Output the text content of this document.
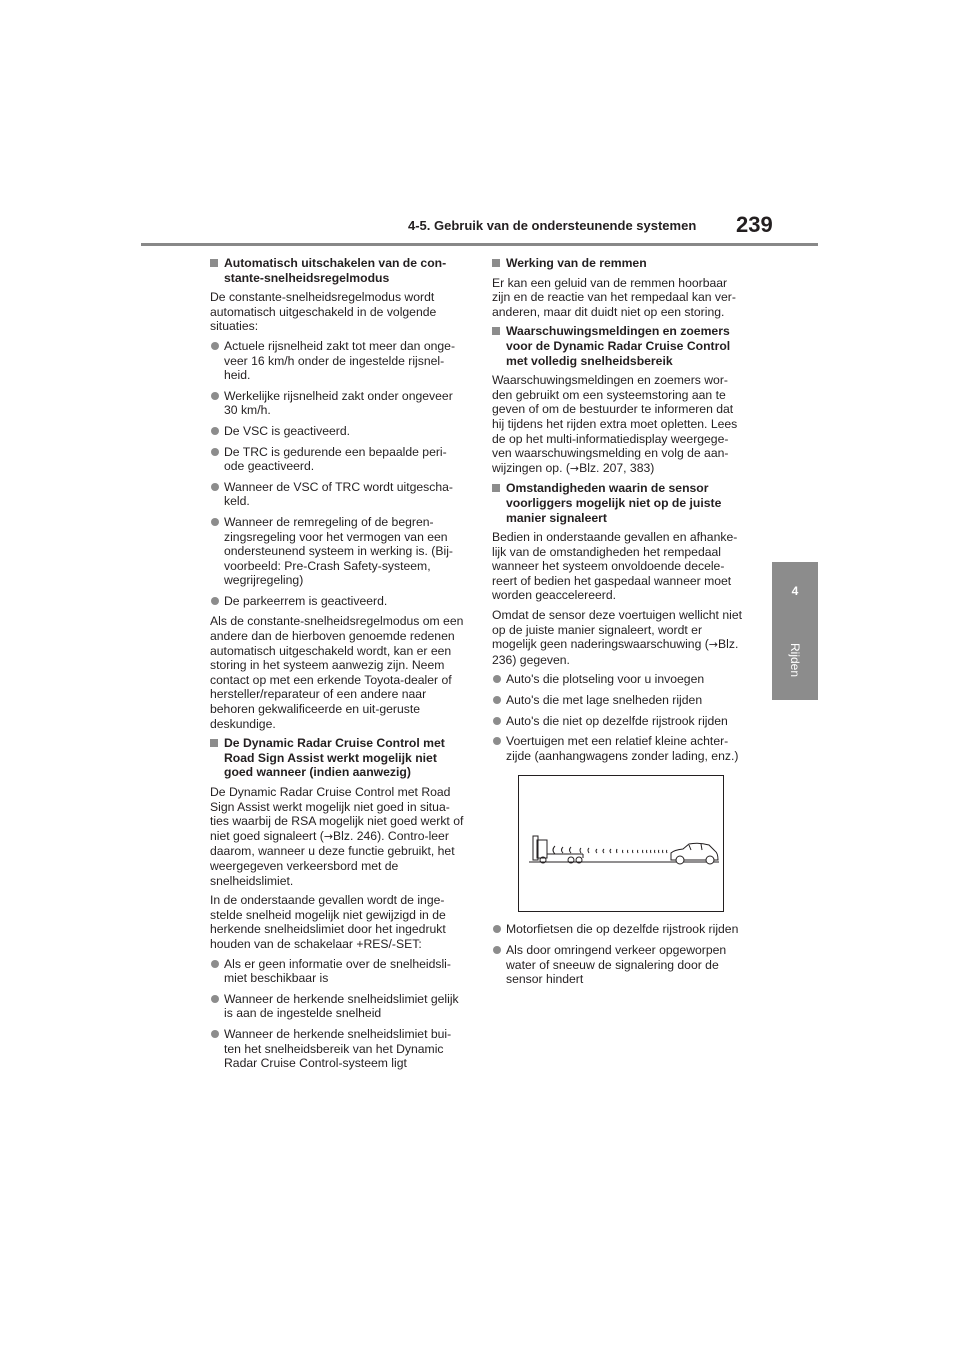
4-5. Gebruik van de ondersteunende systemen 239
4
Rijden
Automatisch uitschakelen van de con-stante-snelheidsregelmodus
De constante-snelheidsregelmodus wordt automatisch uitgeschakeld in de volgende situaties:
Actuele rijsnelheid zakt tot meer dan onge-veer 16 km/h onder de ingestelde rijsnel-heid.
Werkelijke rijsnelheid zakt onder ongeveer 30 km/h.
De VSC is geactiveerd.
De TRC is gedurende een bepaalde peri-ode geactiveerd.
Wanneer de VSC of TRC wordt uitgescha-keld.
Wanneer de remregeling of de begren-zingsregeling voor het vermogen van een ondersteunend systeem in werking is. (Bij-voorbeeld: Pre-Crash Safety-systeem, wegrijregeling)
De parkeerrem is geactiveerd.
Als de constante-snelheidsregelmodus om een andere dan de hierboven genoemde redenen automatisch uitgeschakeld wordt, kan er een storing in het systeem aanwezig zijn. Neem contact op met een erkende Toyota-dealer of hersteller/reparateur of een andere naar behoren gekwalificeerde en uit-geruste deskundige.
De Dynamic Radar Cruise Control met Road Sign Assist werkt mogelijk niet goed wanneer (indien aanwezig)
De Dynamic Radar Cruise Control met Road Sign Assist werkt mogelijk niet goed in situa-ties waarbij de RSA mogelijk niet goed werkt of niet goed signaleert (→Blz. 246). Contro-leer daarom, wanneer u deze functie gebruikt, het weergegeven verkeersbord met de snelheidslimiet.
In de onderstaande gevallen wordt de inge-stelde snelheid mogelijk niet gewijzigd in de herkende snelheidslimiet door het ingedrukt houden van de schakelaar +RES/-SET:
Als er geen informatie over de snelheidsli-miet beschikbaar is
Wanneer de herkende snelheidslimiet gelijk is aan de ingestelde snelheid
Wanneer de herkende snelheidslimiet bui-ten het snelheidsbereik van het Dynamic Radar Cruise Control-systeem ligt
Werking van de remmen
Er kan een geluid van de remmen hoorbaar zijn en de reactie van het rempedaal kan ver-anderen, maar dit duidt niet op een storing.
Waarschuwingsmeldingen en zoemers voor de Dynamic Radar Cruise Control met volledig snelheidsbereik
Waarschuwingsmeldingen en zoemers wor-den gebruikt om een systeemstoring aan te geven of om de bestuurder te informeren dat hij tijdens het rijden extra moet opletten. Lees de op het multi-informatiedisplay weergege-ven waarschuwingsmelding en volg de aan-wijzingen op. (→Blz. 207, 383)
Omstandigheden waarin de sensor voorliggers mogelijk niet op de juiste manier signaleert
Bedien in onderstaande gevallen en afhanke-lijk van de omstandigheden het rempedaal wanneer het systeem onvoldoende decele-reert of bedien het gaspedaal wanneer moet worden geaccelereerd.
Omdat de sensor deze voertuigen wellicht niet op de juiste manier signaleert, wordt er mogelijk geen naderingswaarschuwing (→Blz. 236) gegeven.
Auto's die plotseling voor u invoegen
Auto's die met lage snelheden rijden
Auto's die niet op dezelfde rijstrook rijden
Voertuigen met een relatief kleine achter-zijde (aanhangwagens zonder lading, enz.)
Motorfietsen die op dezelfde rijstrook rijden
Als door omringend verkeer opgeworpen water of sneeuw de signalering door de sensor hindert
